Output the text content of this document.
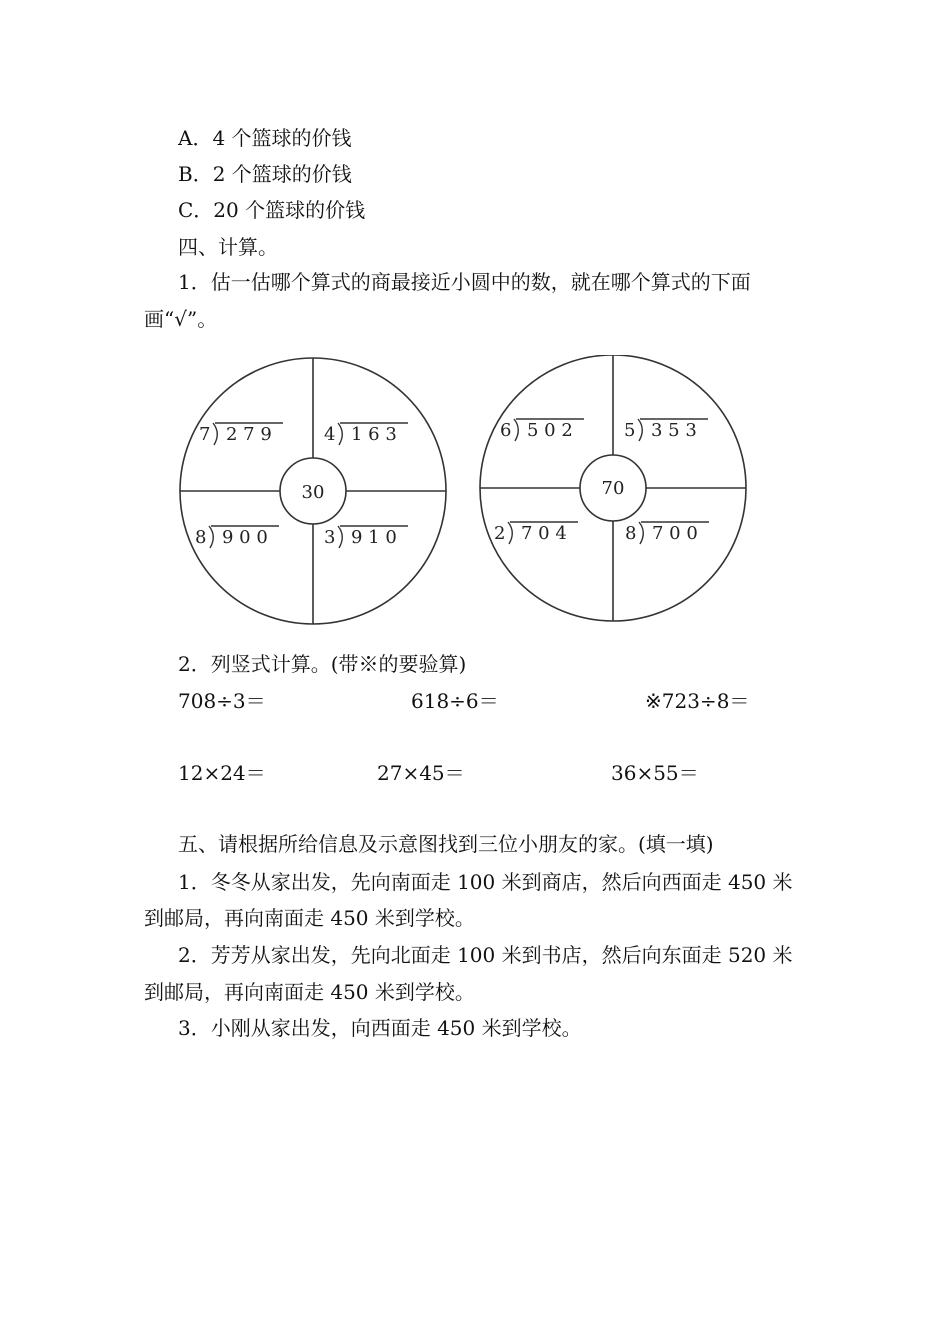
A．4 个篮球的价钱
B．2 个篮球的价钱
C．20 个篮球的价钱
四、计算。
1．估一估哪个算式的商最接近小圆中的数，就在哪个算式的下面
画“√”。
30
7 2 7 9	4 1 6 3
8 9 0 0	3 9 1 0
70
6 5 0 2	5 3 5 3
2 7 0 4	8 7 0 0
2．列竖式计算。(带※的要验算)
708÷3＝	618÷6＝	※723÷8＝
12×24＝	27×45＝	36×55＝
五、请根据所给信息及示意图找到三位小朋友的家。(填一填)
1．冬冬从家出发，先向南面走 100 米到商店，然后向西面走 450 米
到邮局，再向南面走 450 米到学校。
2．芳芳从家出发，先向北面走 100 米到书店，然后向东面走 520 米
到邮局，再向南面走 450 米到学校。
3．小刚从家出发，向西面走 450 米到学校。
